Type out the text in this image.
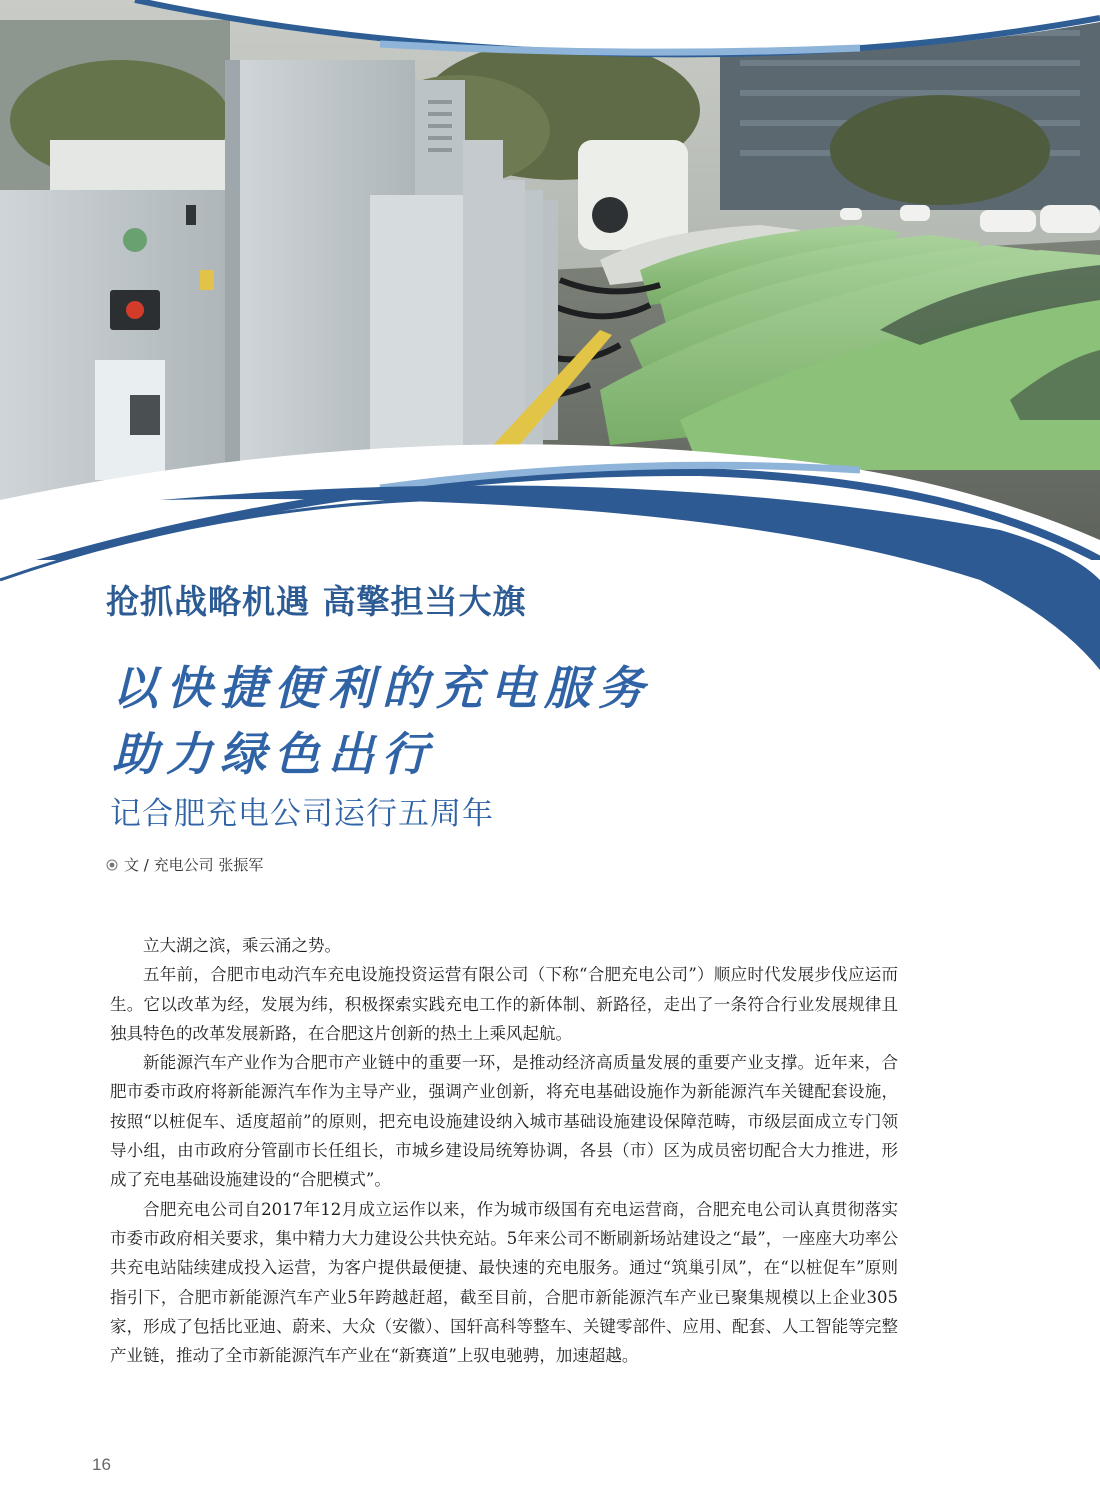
抢抓战略机遇 高擎担当大旗
以快捷便利的充电服务
助力绿色出行
记合肥充电公司运行五周年
文 / 充电公司 张振军

立大湖之滨，乘云涌之势。

五年前，合肥市电动汽车充电设施投资运营有限公司（下称“合肥充电公司”）顺应时代发展步伐应运而生。它以改革为经，发展为纬，积极探索实践充电工作的新体制、新路径，走出了一条符合行业发展规律且独具特色的改革发展新路，在合肥这片创新的热土上乘风起航。

新能源汽车产业作为合肥市产业链中的重要一环，是推动经济高质量发展的重要产业支撑。近年来，合肥市委市政府将新能源汽车作为主导产业，强调产业创新，将充电基础设施作为新能源汽车关键配套设施，按照“以桩促车、适度超前”的原则，把充电设施建设纳入城市基础设施建设保障范畴，市级层面成立专门领导小组，由市政府分管副市长任组长，市城乡建设局统筹协调，各县（市）区为成员密切配合大力推进，形成了充电基础设施建设的“合肥模式”。

合肥充电公司自2017年12月成立运作以来，作为城市级国有充电运营商，合肥充电公司认真贯彻落实市委市政府相关要求，集中精力大力建设公共快充站。5年来公司不断刷新场站建设之“最”，一座座大功率公共充电站陆续建成投入运营，为客户提供最便捷、最快速的充电服务。通过“筑巢引凤”，在“以桩促车”原则指引下，合肥市新能源汽车产业5年跨越赶超，截至目前，合肥市新能源汽车产业已聚集规模以上企业305家，形成了包括比亚迪、蔚来、大众（安徽）、国轩高科等整车、关键零部件、应用、配套、人工智能等完整产业链，推动了全市新能源汽车产业在“新赛道”上驭电驰骋，加速超越。

16
